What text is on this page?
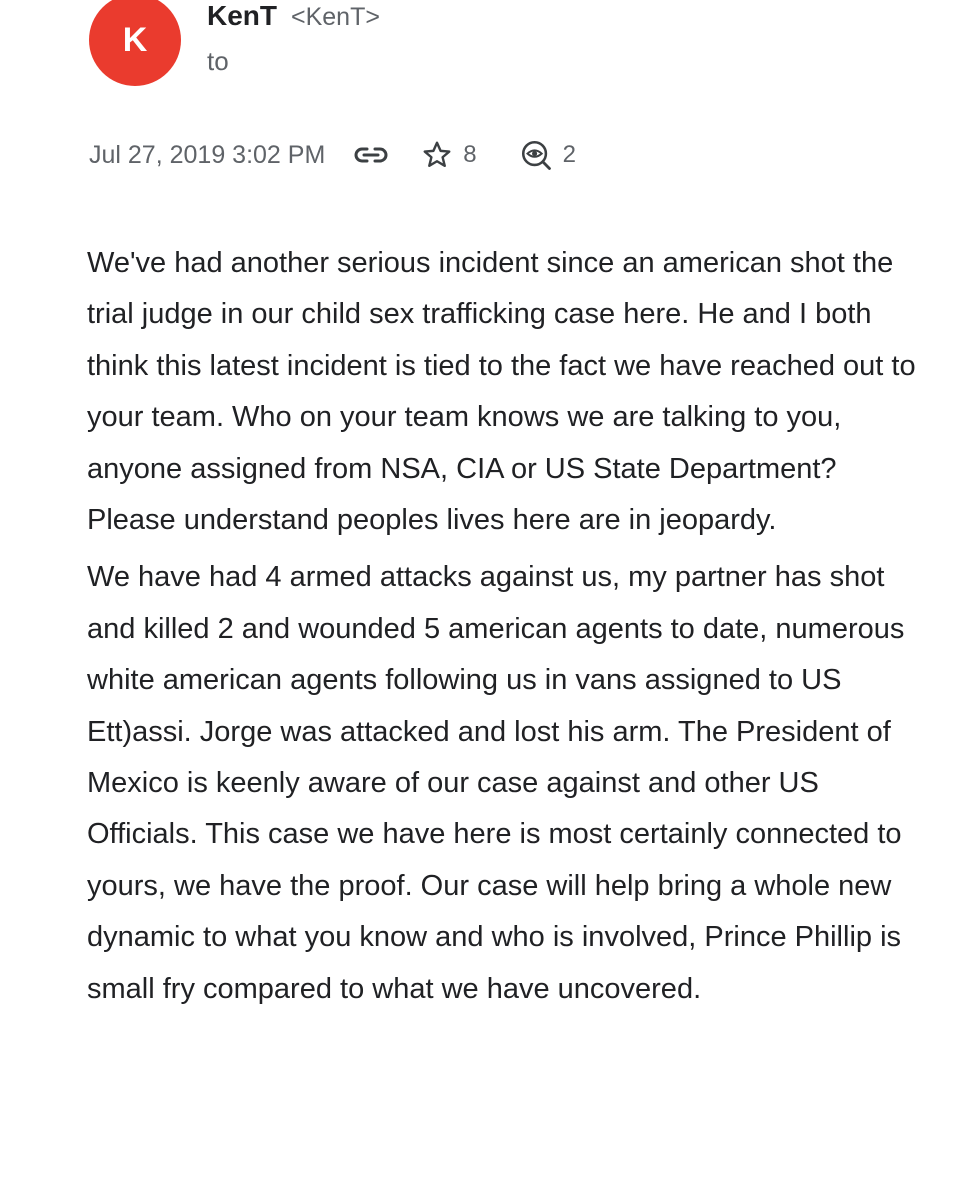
K
KenT <KenT>
to
Jul 27, 2019 3:02 PM	8	2

We've had another serious incident since an american shot the trial judge in our child sex trafficking case here. He and I both think this latest incident is tied to the fact we have reached out to your team. Who on your team knows we are talking to you, anyone assigned from NSA, CIA or US State Department? Please understand peoples lives here are in jeopardy.

We have had 4 armed attacks against us, my partner has shot and killed 2 and wounded 5 american agents to date, numerous white american agents following us in vans assigned to US Ett)assi. Jorge was attacked and lost his arm. The President of Mexico is keenly aware of our case against and other US Officials. This case we have here is most certainly connected to yours, we have the proof. Our case will help bring a whole new dynamic to what you know and who is involved, Prince Phillip is small fry compared to what we have uncovered.
